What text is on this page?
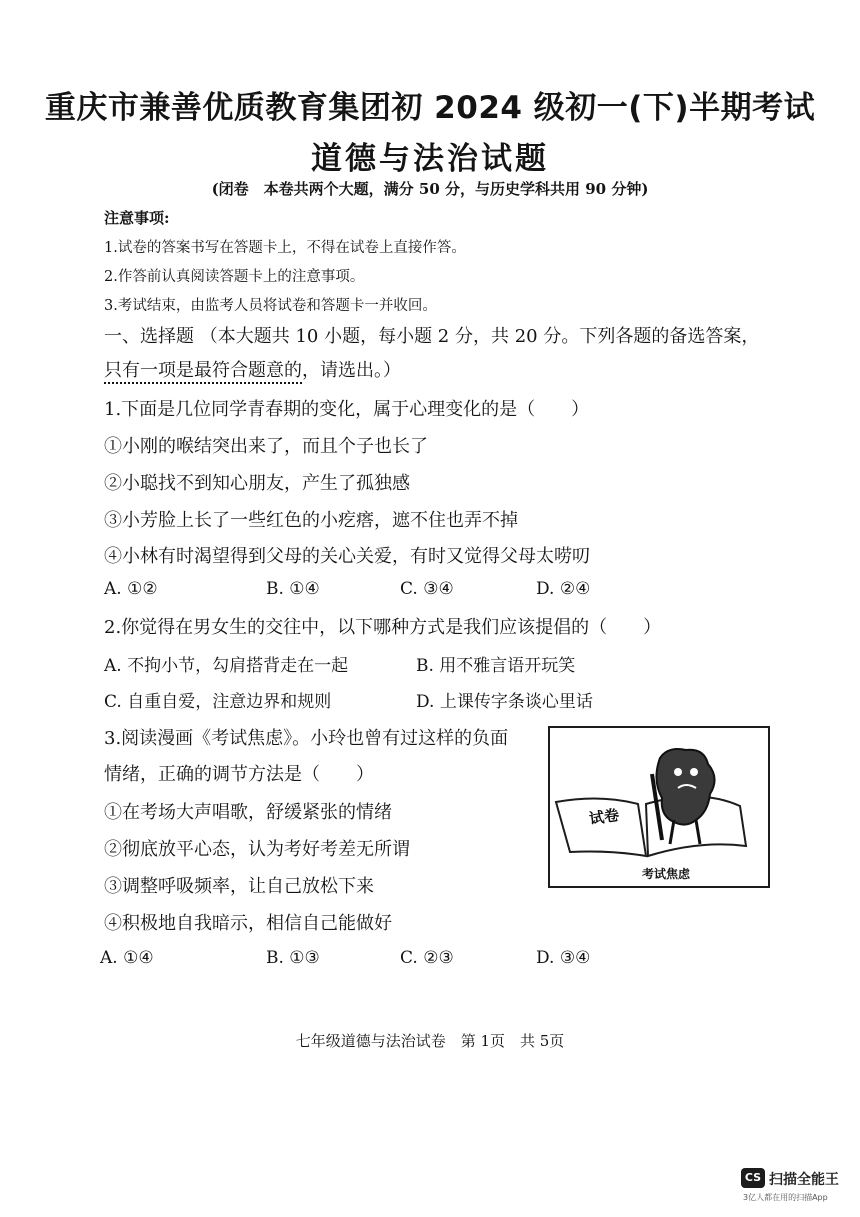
重庆市兼善优质教育集团初 2024 级初一(下)半期考试
道德与法治试题
(闭卷　本卷共两个大题，满分 50 分，与历史学科共用 90 分钟)
注意事项:
1.试卷的答案书写在答题卡上，不得在试卷上直接作答。
2.作答前认真阅读答题卡上的注意事项。
3.考试结束，由监考人员将试卷和答题卡一并收回。
一、选择题 （本大题共 10 小题，每小题 2 分，共 20 分。下列各题的备选答案，
只有一项是最符合题意的，请选出。）
1.下面是几位同学青春期的变化，属于心理变化的是（　　）
①小刚的喉结突出来了，而且个子也长了
②小聪找不到知心朋友，产生了孤独感
③小芳脸上长了一些红色的小疙瘩，遮不住也弄不掉
④小林有时渴望得到父母的关心关爱，有时又觉得父母太唠叨
A. ①②	B. ①④	C. ③④	D. ②④
2.你觉得在男女生的交往中，以下哪种方式是我们应该提倡的（　　）
A. 不拘小节，勾肩搭背走在一起	B. 用不雅言语开玩笑
C. 自重自爱，注意边界和规则	D. 上课传字条谈心里话
3.阅读漫画《考试焦虑》。小玲也曾有过这样的负面
情绪，正确的调节方法是（　　）
①在考场大声唱歌，舒缓紧张的情绪
②彻底放平心态，认为考好考差无所谓
③调整呼吸频率，让自己放松下来
④积极地自我暗示，相信自己能做好
A. ①④	B. ①③	C. ②③	D. ③④
试卷
考试焦虑
七年级道德与法治试卷　第 1页　共 5页
CS 扫描全能王
3亿人都在用的扫描App
